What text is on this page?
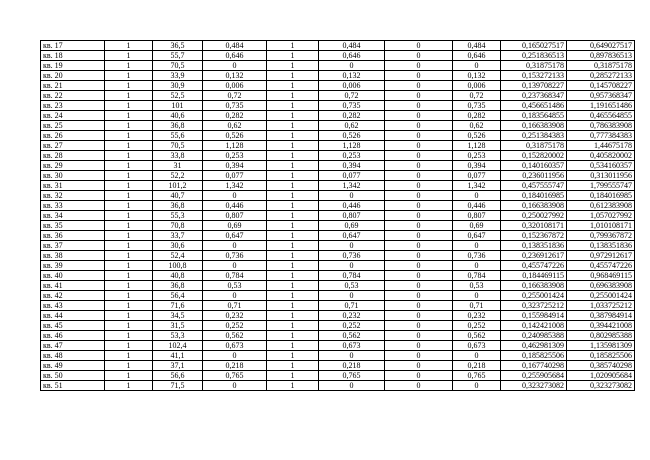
кв. 17	1	36,5	0,484	1	0,484	0	0,484	0,165027517	0,649027517
кв. 18	1	55,7	0,646	1	0,646	0	0,646	0,251836513	0,897836513
кв. 19	1	70,5	0	1	0	0	0	0,31875178	0,31875178
кв. 20	1	33,9	0,132	1	0,132	0	0,132	0,153272133	0,285272133
кв. 21	1	30,9	0,006	1	0,006	0	0,006	0,139708227	0,145708227
кв. 22	1	52,5	0,72	1	0,72	0	0,72	0,237368347	0,957368347
кв. 23	1	101	0,735	1	0,735	0	0,735	0,456651486	1,191651486
кв. 24	1	40,6	0,282	1	0,282	0	0,282	0,183564855	0,465564855
кв. 25	1	36,8	0,62	1	0,62	0	0,62	0,166383908	0,786383908
кв. 26	1	55,6	0,526	1	0,526	0	0,526	0,251384383	0,777384383
кв. 27	1	70,5	1,128	1	1,128	0	1,128	0,31875178	1,44675178
кв. 28	1	33,8	0,253	1	0,253	0	0,253	0,152820002	0,405820002
кв. 29	1	31	0,394	1	0,394	0	0,394	0,140160357	0,534160357
кв. 30	1	52,2	0,077	1	0,077	0	0,077	0,236011956	0,313011956
кв. 31	1	101,2	1,342	1	1,342	0	1,342	0,457555747	1,799555747
кв. 32	1	40,7	0	1	0	0	0	0,184016985	0,184016985
кв. 33	1	36,8	0,446	1	0,446	0	0,446	0,166383908	0,612383908
кв. 34	1	55,3	0,807	1	0,807	0	0,807	0,250027992	1,057027992
кв. 35	1	70,8	0,69	1	0,69	0	0,69	0,320108171	1,010108171
кв. 36	1	33,7	0,647	1	0,647	0	0,647	0,152367872	0,799367872
кв. 37	1	30,6	0	1	0	0	0	0,138351836	0,138351836
кв. 38	1	52,4	0,736	1	0,736	0	0,736	0,236912617	0,972912617
кв. 39	1	100,8	0	1	0	0	0	0,455747226	0,455747226
кв. 40	1	40,8	0,784	1	0,784	0	0,784	0,184469115	0,968469115
кв. 41	1	36,8	0,53	1	0,53	0	0,53	0,166383908	0,696383908
кв. 42	1	56,4	0	1	0	0	0	0,255001424	0,255001424
кв. 43	1	71,6	0,71	1	0,71	0	0,71	0,323725212	1,033725212
кв. 44	1	34,5	0,232	1	0,232	0	0,232	0,155984914	0,387984914
кв. 45	1	31,5	0,252	1	0,252	0	0,252	0,142421008	0,394421008
кв. 46	1	53,3	0,562	1	0,562	0	0,562	0,240985388	0,802985388
кв. 47	1	102,4	0,673	1	0,673	0	0,673	0,462981309	1,135981309
кв. 48	1	41,1	0	1	0	0	0	0,185825506	0,185825506
кв. 49	1	37,1	0,218	1	0,218	0	0,218	0,167740298	0,385740298
кв. 50	1	56,6	0,765	1	0,765	0	0,765	0,255905684	1,020905684
кв. 51	1	71,5	0	1	0	0	0	0,323273082	0,323273082
